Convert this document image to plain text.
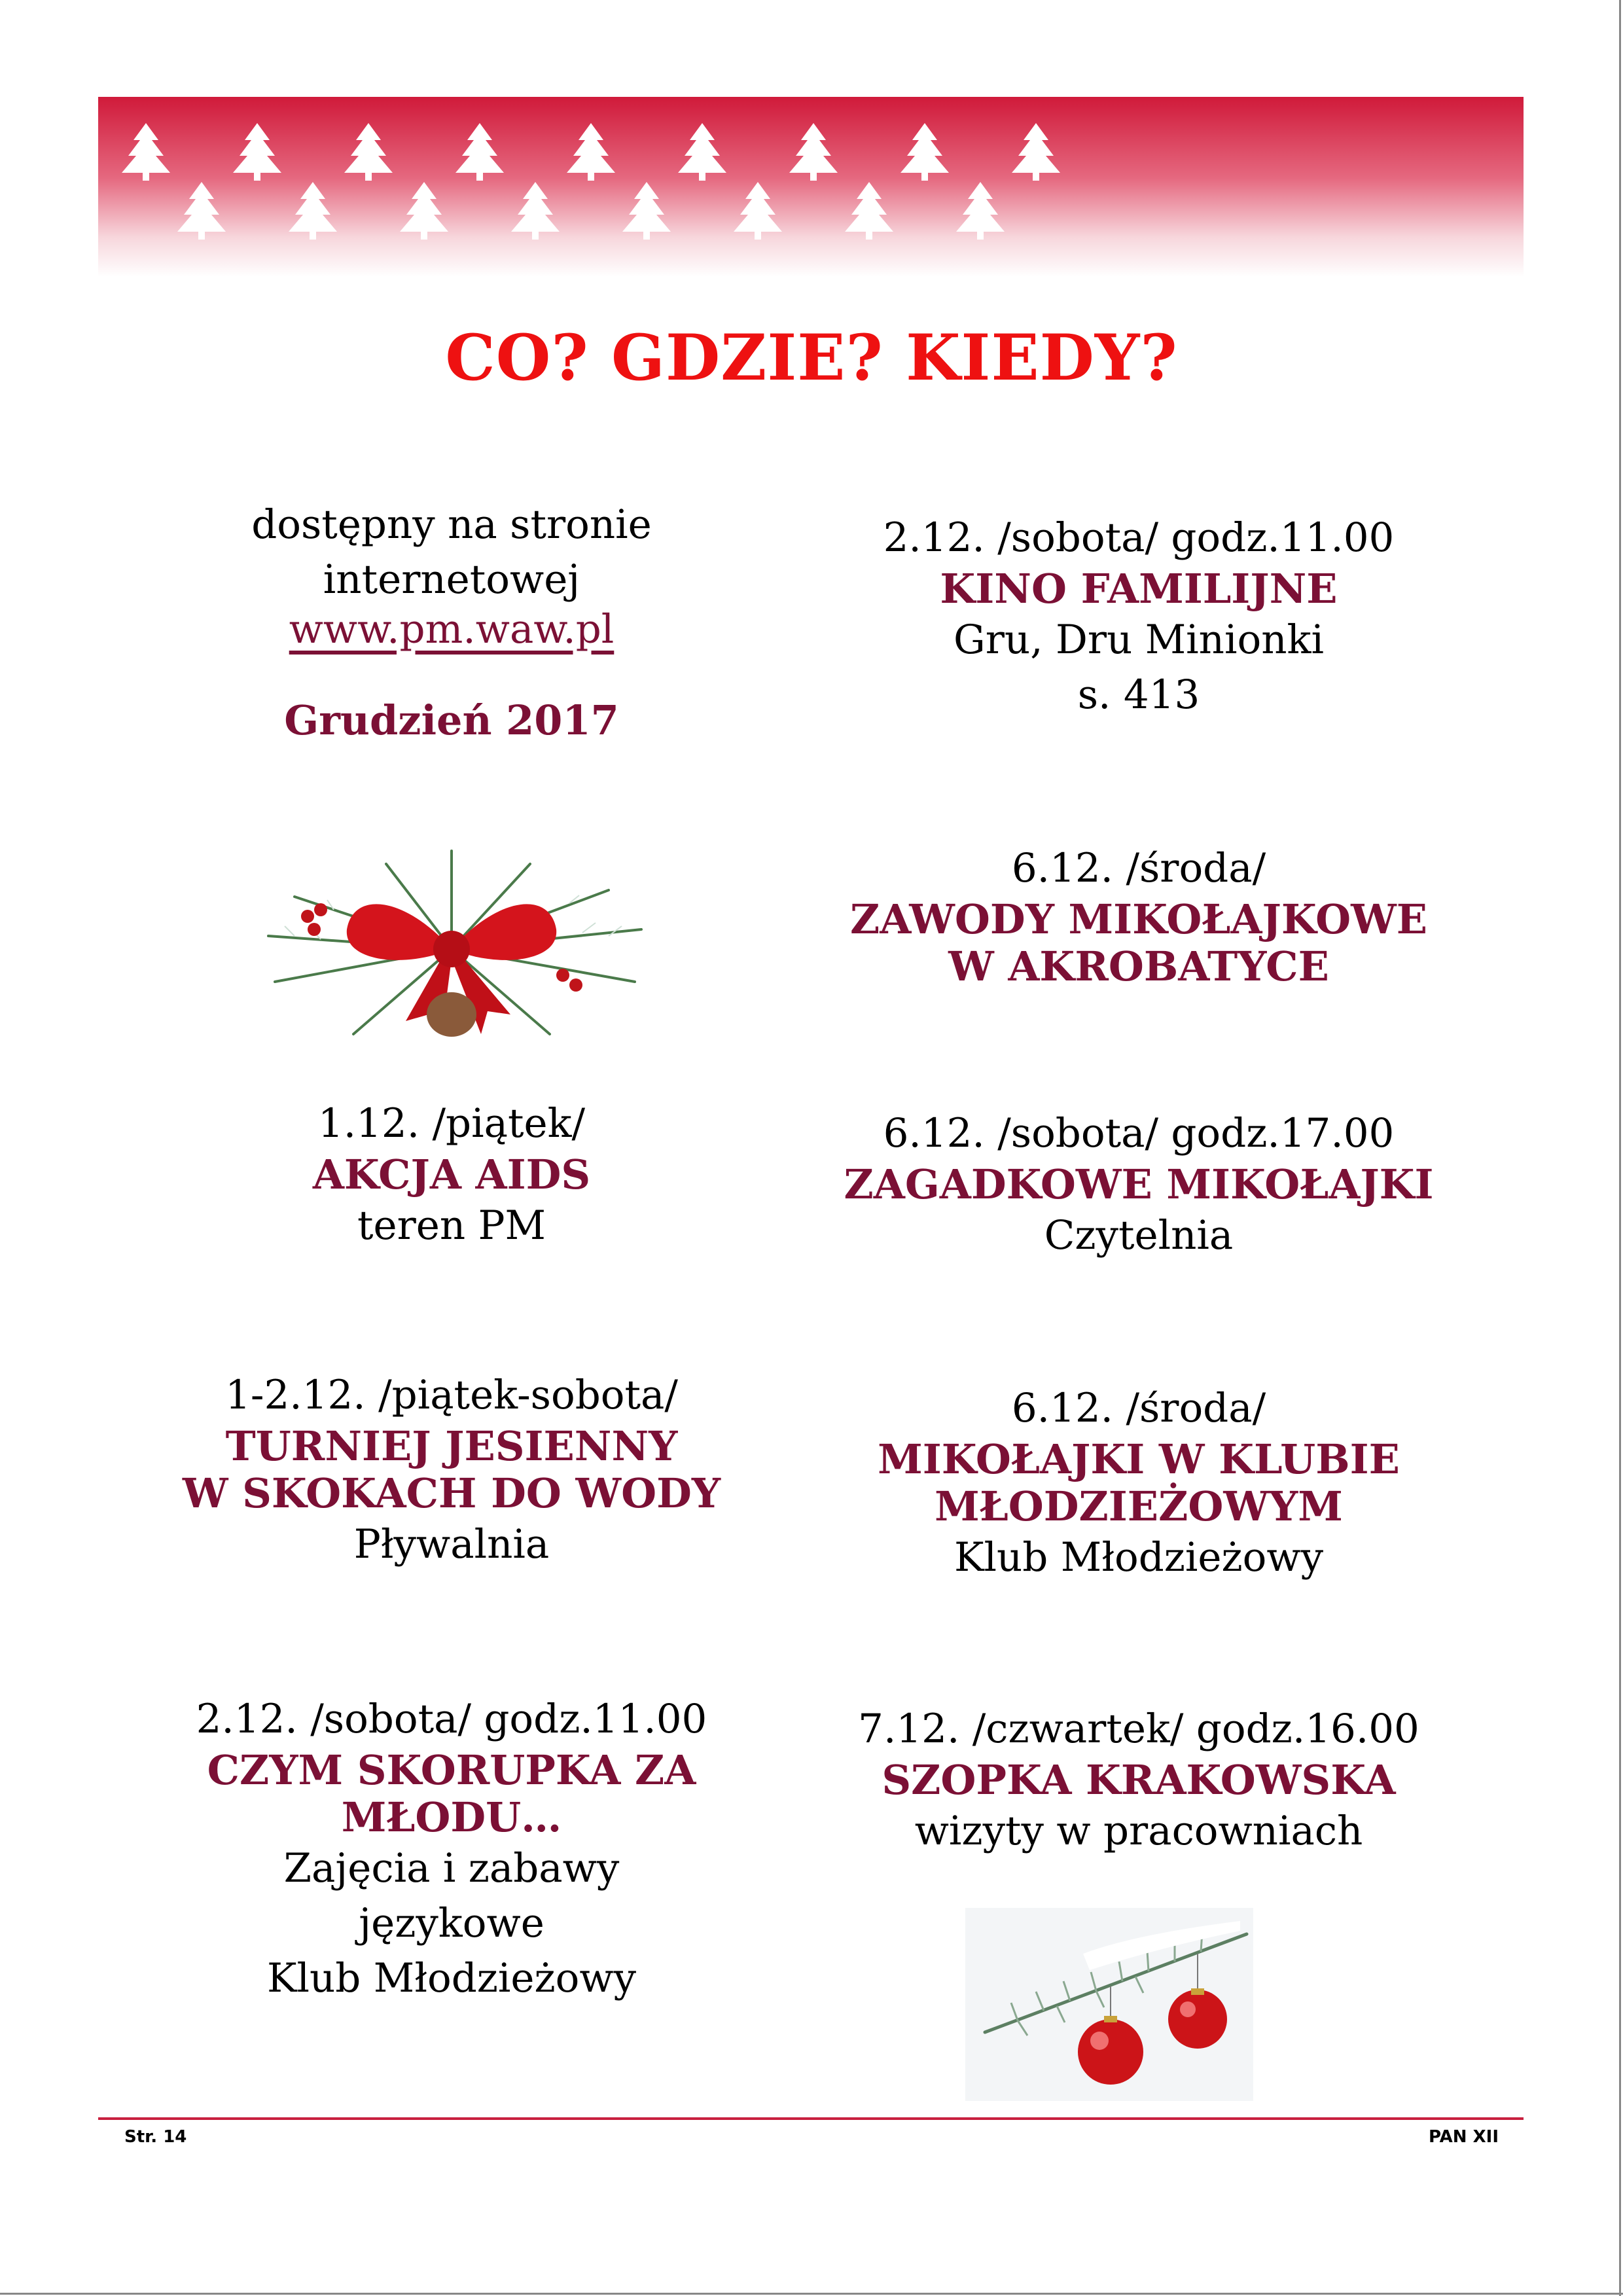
CO? GDZIE? KIEDY?
dostępny na stronie
internetowej
www.pm.waw.pl
Grudzień 2017
1.12. /piątek/
AKCJA AIDS
teren PM
1-2.12. /piątek-sobota/
TURNIEJ JESIENNY
W SKOKACH DO WODY
Pływalnia
2.12. /sobota/ godz.11.00
CZYM SKORUPKA ZA
MŁODU…
Zajęcia i zabawy
językowe
Klub Młodzieżowy
2.12. /sobota/ godz.11.00
KINO FAMILIJNE
Gru, Dru Minionki
s. 413
6.12. /środa/
ZAWODY MIKOŁAJKOWE
W AKROBATYCE
6.12. /sobota/ godz.17.00
ZAGADKOWE MIKOŁAJKI
Czytelnia
6.12. /środa/
MIKOŁAJKI W KLUBIE
MŁODZIEŻOWYM
Klub Młodzieżowy
7.12. /czwartek/ godz.16.00
SZOPKA KRAKOWSKA
wizyty w pracowniach
Str. 14	PAN XII
